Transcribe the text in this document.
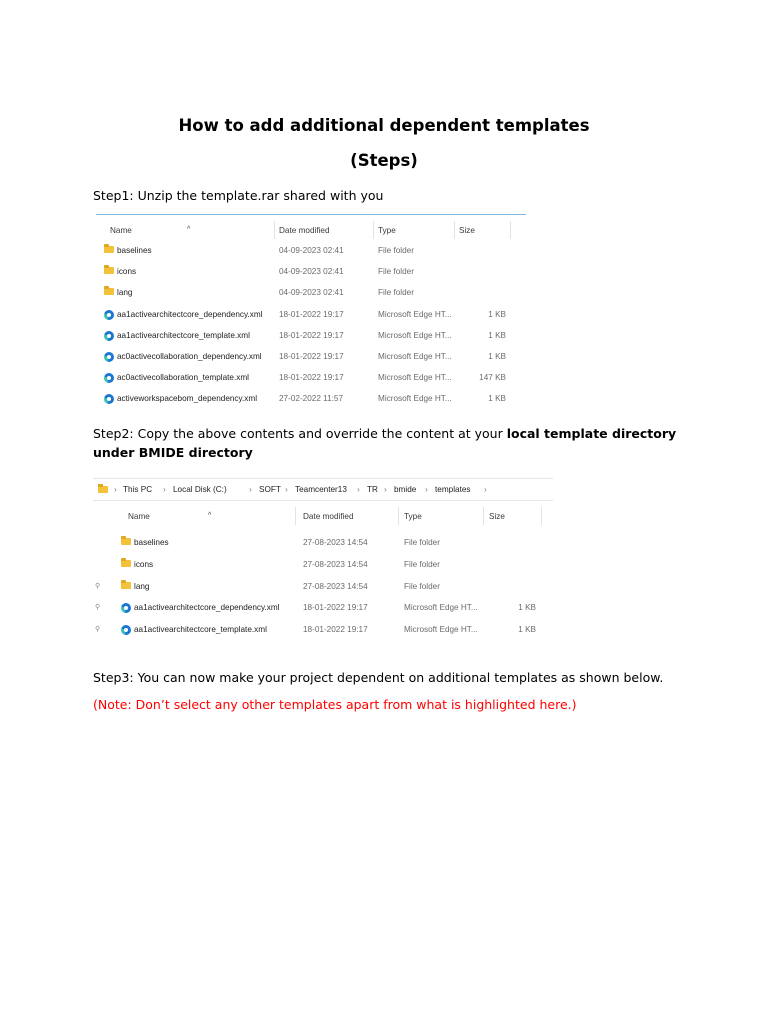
How to add additional dependent templates
(Steps)
Step1: Unzip the template.rar shared with you
^
Name	Date modified	Type	Size
baselines	04-09-2023 02:41	File folder
icons	04-09-2023 02:41	File folder
lang	04-09-2023 02:41	File folder
aa1activearchitectcore_dependency.xml 18-01-2022 19:17	Microsoft Edge HT...	1 KB
aa1activearchitectcore_template.xml	18-01-2022 19:17	Microsoft Edge HT...	1 KB
ac0activecollaboration_dependency.xml 18-01-2022 19:17	Microsoft Edge HT...	1 KB
ac0activecollaboration_template.xml	18-01-2022 19:17	Microsoft Edge HT...	147 KB
activeworkspacebom_dependency.xml	27-02-2022 11:57	Microsoft Edge HT...	1 KB
Step2: Copy the above contents and override the content at your local template directory under BMIDE directory
› This PC › Local Disk (C:)	› SOFT › Teamcenter13 › TR › bmide › templates ›
^
Name	Date modified	Type	Size
baselines	27-08-2023 14:54	File folder
icons	27-08-2023 14:54	File folder
⚲	lang	27-08-2023 14:54	File folder
⚲	aa1activearchitectcore_dependency.xml	18-01-2022 19:17	Microsoft Edge HT...	1 KB
⚲	aa1activearchitectcore_template.xml	18-01-2022 19:17	Microsoft Edge HT...	1 KB
Step3: You can now make your project dependent on additional templates as shown below.
(Note: Don’t select any other templates apart from what is highlighted here.)
